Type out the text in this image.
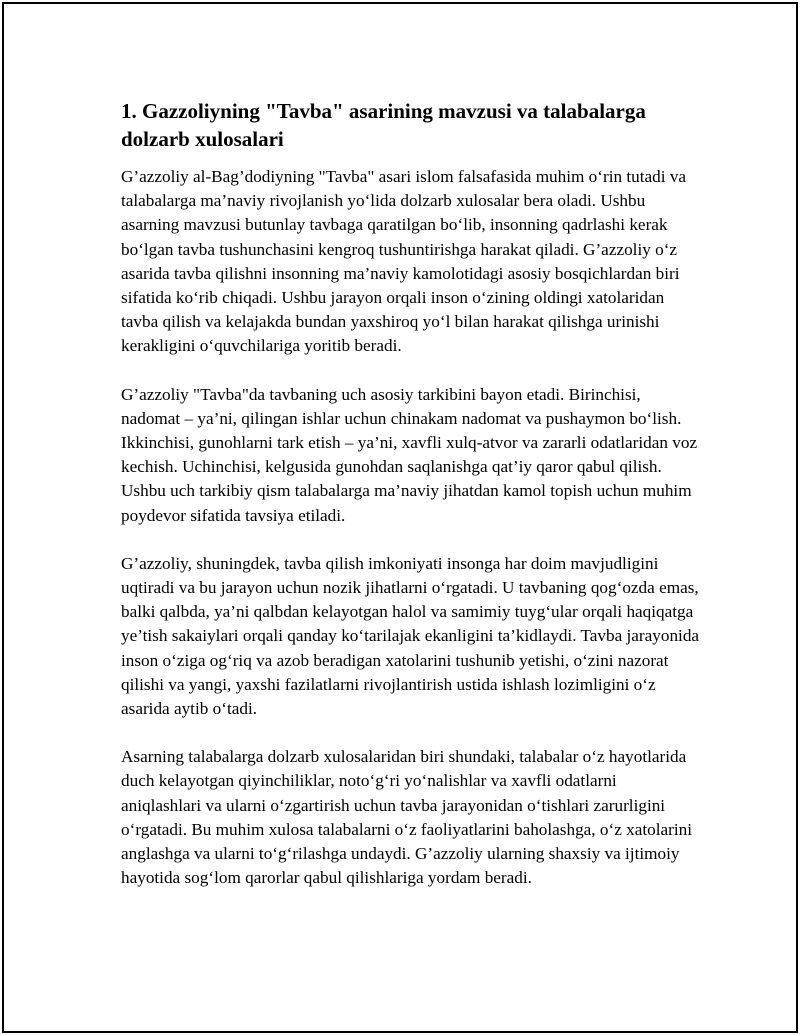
1. Gazzoliyning "Tavba" asarining mavzusi va talabalarga dolzarb xulosalari

G’azzoliy al-Bag’dodiyning "Tavba" asari islom falsafasida muhim o‘rin tutadi va talabalarga ma’naviy rivojlanish yo‘lida dolzarb xulosalar bera oladi. Ushbu asarning mavzusi butunlay tavbaga qaratilgan bo‘lib, insonning qadrlashi kerak bo‘lgan tavba tushunchasini kengroq tushuntirishga harakat qiladi. G’azzoliy o‘z asarida tavba qilishni insonning ma’naviy kamolotidagi asosiy bosqichlardan biri sifatida ko‘rib chiqadi. Ushbu jarayon orqali inson o‘zining oldingi xatolaridan tavba qilish va kelajakda bundan yaxshiroq yo‘l bilan harakat qilishga urinishi kerakligini o‘quvchilariga yoritib beradi.

G’azzoliy "Tavba"da tavbaning uch asosiy tarkibini bayon etadi. Birinchisi, nadomat – ya’ni, qilingan ishlar uchun chinakam nadomat va pushaymon bo‘lish. Ikkinchisi, gunohlarni tark etish – ya’ni, xavfli xulq-atvor va zararli odatlaridan voz kechish. Uchinchisi, kelgusida gunohdan saqlanishga qat’iy qaror qabul qilish. Ushbu uch tarkibiy qism talabalarga ma’naviy jihatdan kamol topish uchun muhim poydevor sifatida tavsiya etiladi.

G’azzoliy, shuningdek, tavba qilish imkoniyati insonga har doim mavjudligini uqtiradi va bu jarayon uchun nozik jihatlarni o‘rgatadi. U tavbaning qog‘ozda emas, balki qalbda, ya’ni qalbdan kelayotgan halol va samimiy tuyg‘ular orqali haqiqatga ye’tish sakaiylari orqali qanday ko‘tarilajak ekanligini ta’kidlaydi. Tavba jarayonida inson o‘ziga og‘riq va azob beradigan xatolarini tushunib yetishi, o‘zini nazorat qilishi va yangi, yaxshi fazilatlarni rivojlantirish ustida ishlash lozimligini o‘z asarida aytib o‘tadi.

Asarning talabalarga dolzarb xulosalaridan biri shundaki, talabalar o‘z hayotlarida duch kelayotgan qiyinchiliklar, noto‘g‘ri yo‘nalishlar va xavfli odatlarni aniqlashlari va ularni o‘zgartirish uchun tavba jarayonidan o‘tishlari zarurligini o‘rgatadi. Bu muhim xulosa talabalarni o‘z faoliyatlarini baholashga, o‘z xatolarini anglashga va ularni to‘g‘rilashga undaydi. G’azzoliy ularning shaxsiy va ijtimoiy hayotida sog‘lom qarorlar qabul qilishlariga yordam beradi.
